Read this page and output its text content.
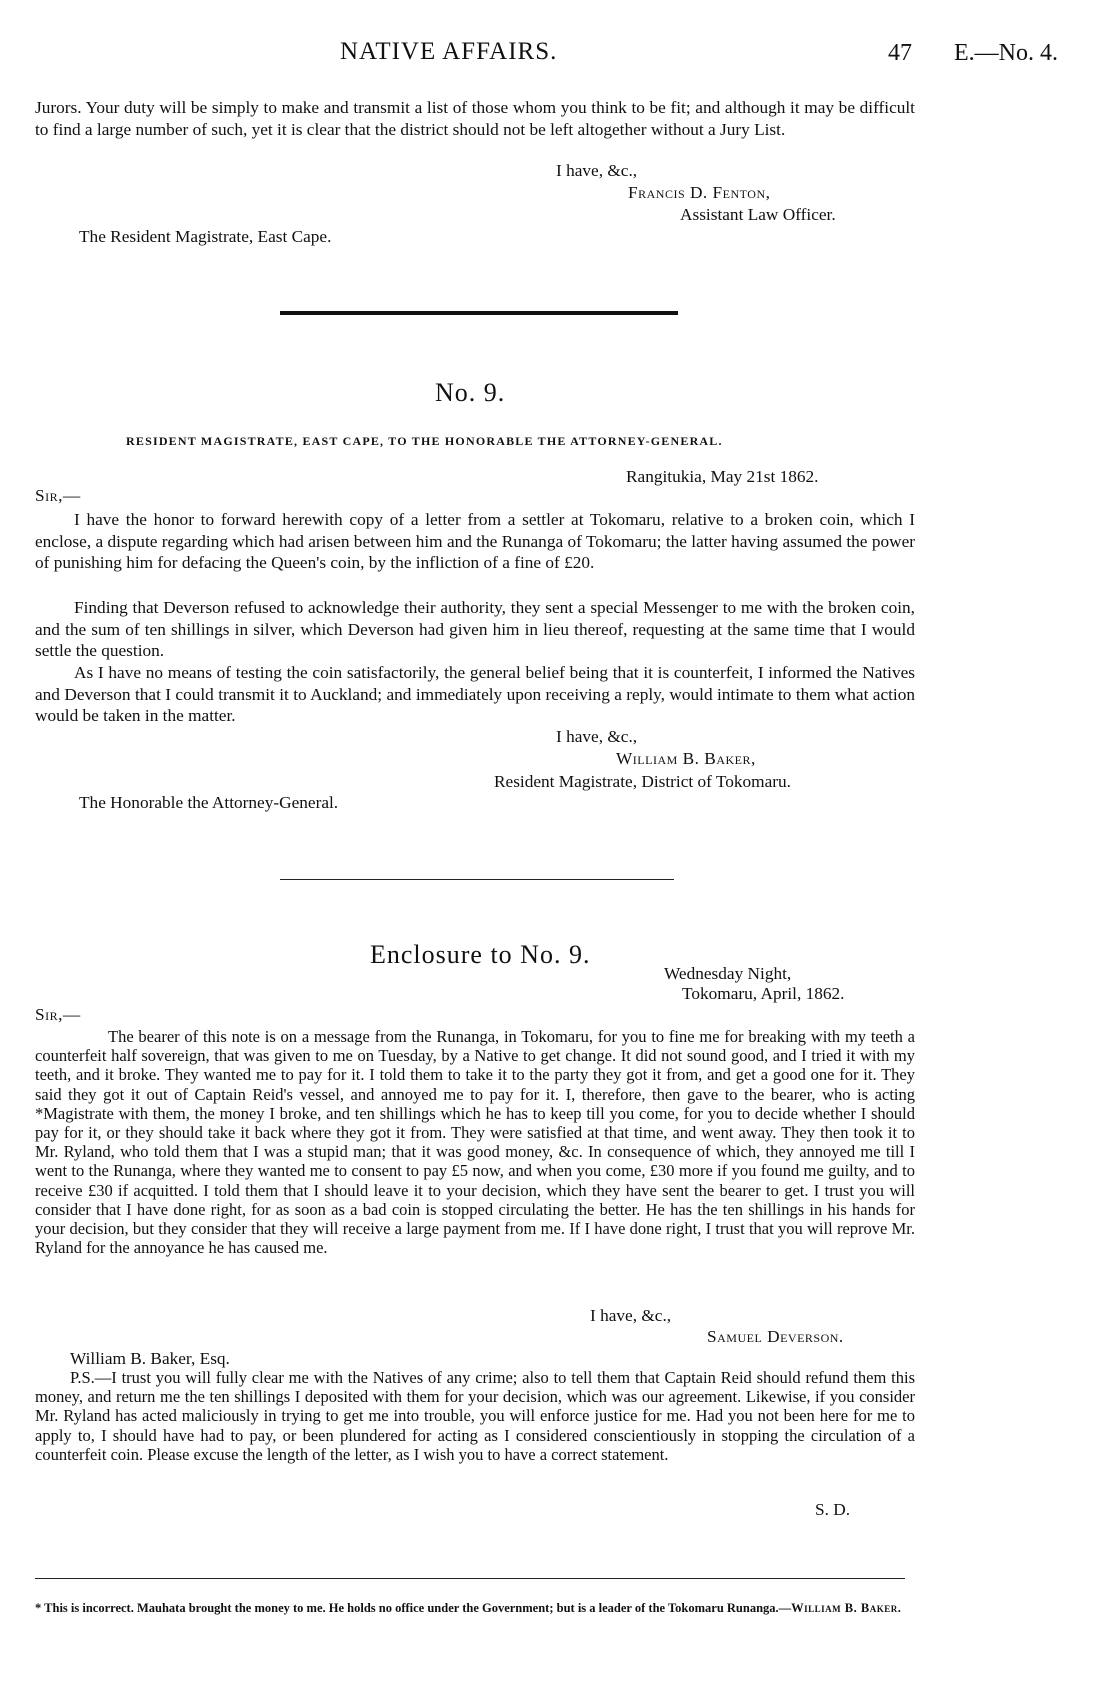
NATIVE AFFAIRS.	47 E.—No. 4.

Jurors. Your duty will be simply to make and transmit a list of those whom you think to be fit; and although it may be difficult to find a large number of such, yet it is clear that the district should not be left altogether without a Jury List.

I have, &c.,
Francis D. Fenton,
Assistant Law Officer.
The Resident Magistrate, East Cape.
No. 9.
RESIDENT MAGISTRATE, EAST CAPE, TO THE HONORABLE THE ATTORNEY-GENERAL.
Rangitukia, May 21st 1862.
Sir,—

I have the honor to forward herewith copy of a letter from a settler at Tokomaru, relative to a broken coin, which I enclose, a dispute regarding which had arisen between him and the Runanga of Tokomaru; the latter having assumed the power of punishing him for defacing the Queen's coin, by the infliction of a fine of £20.

Finding that Deverson refused to acknowledge their authority, they sent a special Messenger to me with the broken coin, and the sum of ten shillings in silver, which Deverson had given him in lieu thereof, requesting at the same time that I would settle the question.

As I have no means of testing the coin satisfactorily, the general belief being that it is counterfeit, I informed the Natives and Deverson that I could transmit it to Auckland; and immediately upon receiving a reply, would intimate to them what action would be taken in the matter.

I have, &c.,
William B. Baker,
Resident Magistrate, District of Tokomaru.
The Honorable the Attorney-General.
Enclosure to No. 9.
Wednesday Night,
Tokomaru, April, 1862.
Sir,—

The bearer of this note is on a message from the Runanga, in Tokomaru, for you to fine me for breaking with my teeth a counterfeit half sovereign, that was given to me on Tuesday, by a Native to get change. It did not sound good, and I tried it with my teeth, and it broke. They wanted me to pay for it. I told them to take it to the party they got it from, and get a good one for it. They said they got it out of Captain Reid's vessel, and annoyed me to pay for it. I, therefore, then gave to the bearer, who is acting *Magistrate with them, the money I broke, and ten shillings which he has to keep till you come, for you to decide whether I should pay for it, or they should take it back where they got it from. They were satisfied at that time, and went away. They then took it to Mr. Ryland, who told them that I was a stupid man; that it was good money, &c. In consequence of which, they annoyed me till I went to the Runanga, where they wanted me to consent to pay £5 now, and when you come, £30 more if you found me guilty, and to receive £30 if acquitted. I told them that I should leave it to your decision, which they have sent the bearer to get. I trust you will consider that I have done right, for as soon as a bad coin is stopped circulating the better. He has the ten shillings in his hands for your decision, but they consider that they will receive a large payment from me. If I have done right, I trust that you will reprove Mr. Ryland for the annoyance he has caused me.

I have, &c.,
Samuel Deverson.
William B. Baker, Esq.

P.S.—I trust you will fully clear me with the Natives of any crime; also to tell them that Captain Reid should refund them this money, and return me the ten shillings I deposited with them for your decision, which was our agreement. Likewise, if you consider Mr. Ryland has acted maliciously in trying to get me into trouble, you will enforce justice for me. Had you not been here for me to apply to, I should have had to pay, or been plundered for acting as I considered conscientiously in stopping the circulation of a counterfeit coin. Please excuse the length of the letter, as I wish you to have a correct statement.

S. D.

* This is incorrect. Mauhata brought the money to me. He holds no office under the Government; but is a leader of the Tokomaru Runanga.—William B. Baker.
